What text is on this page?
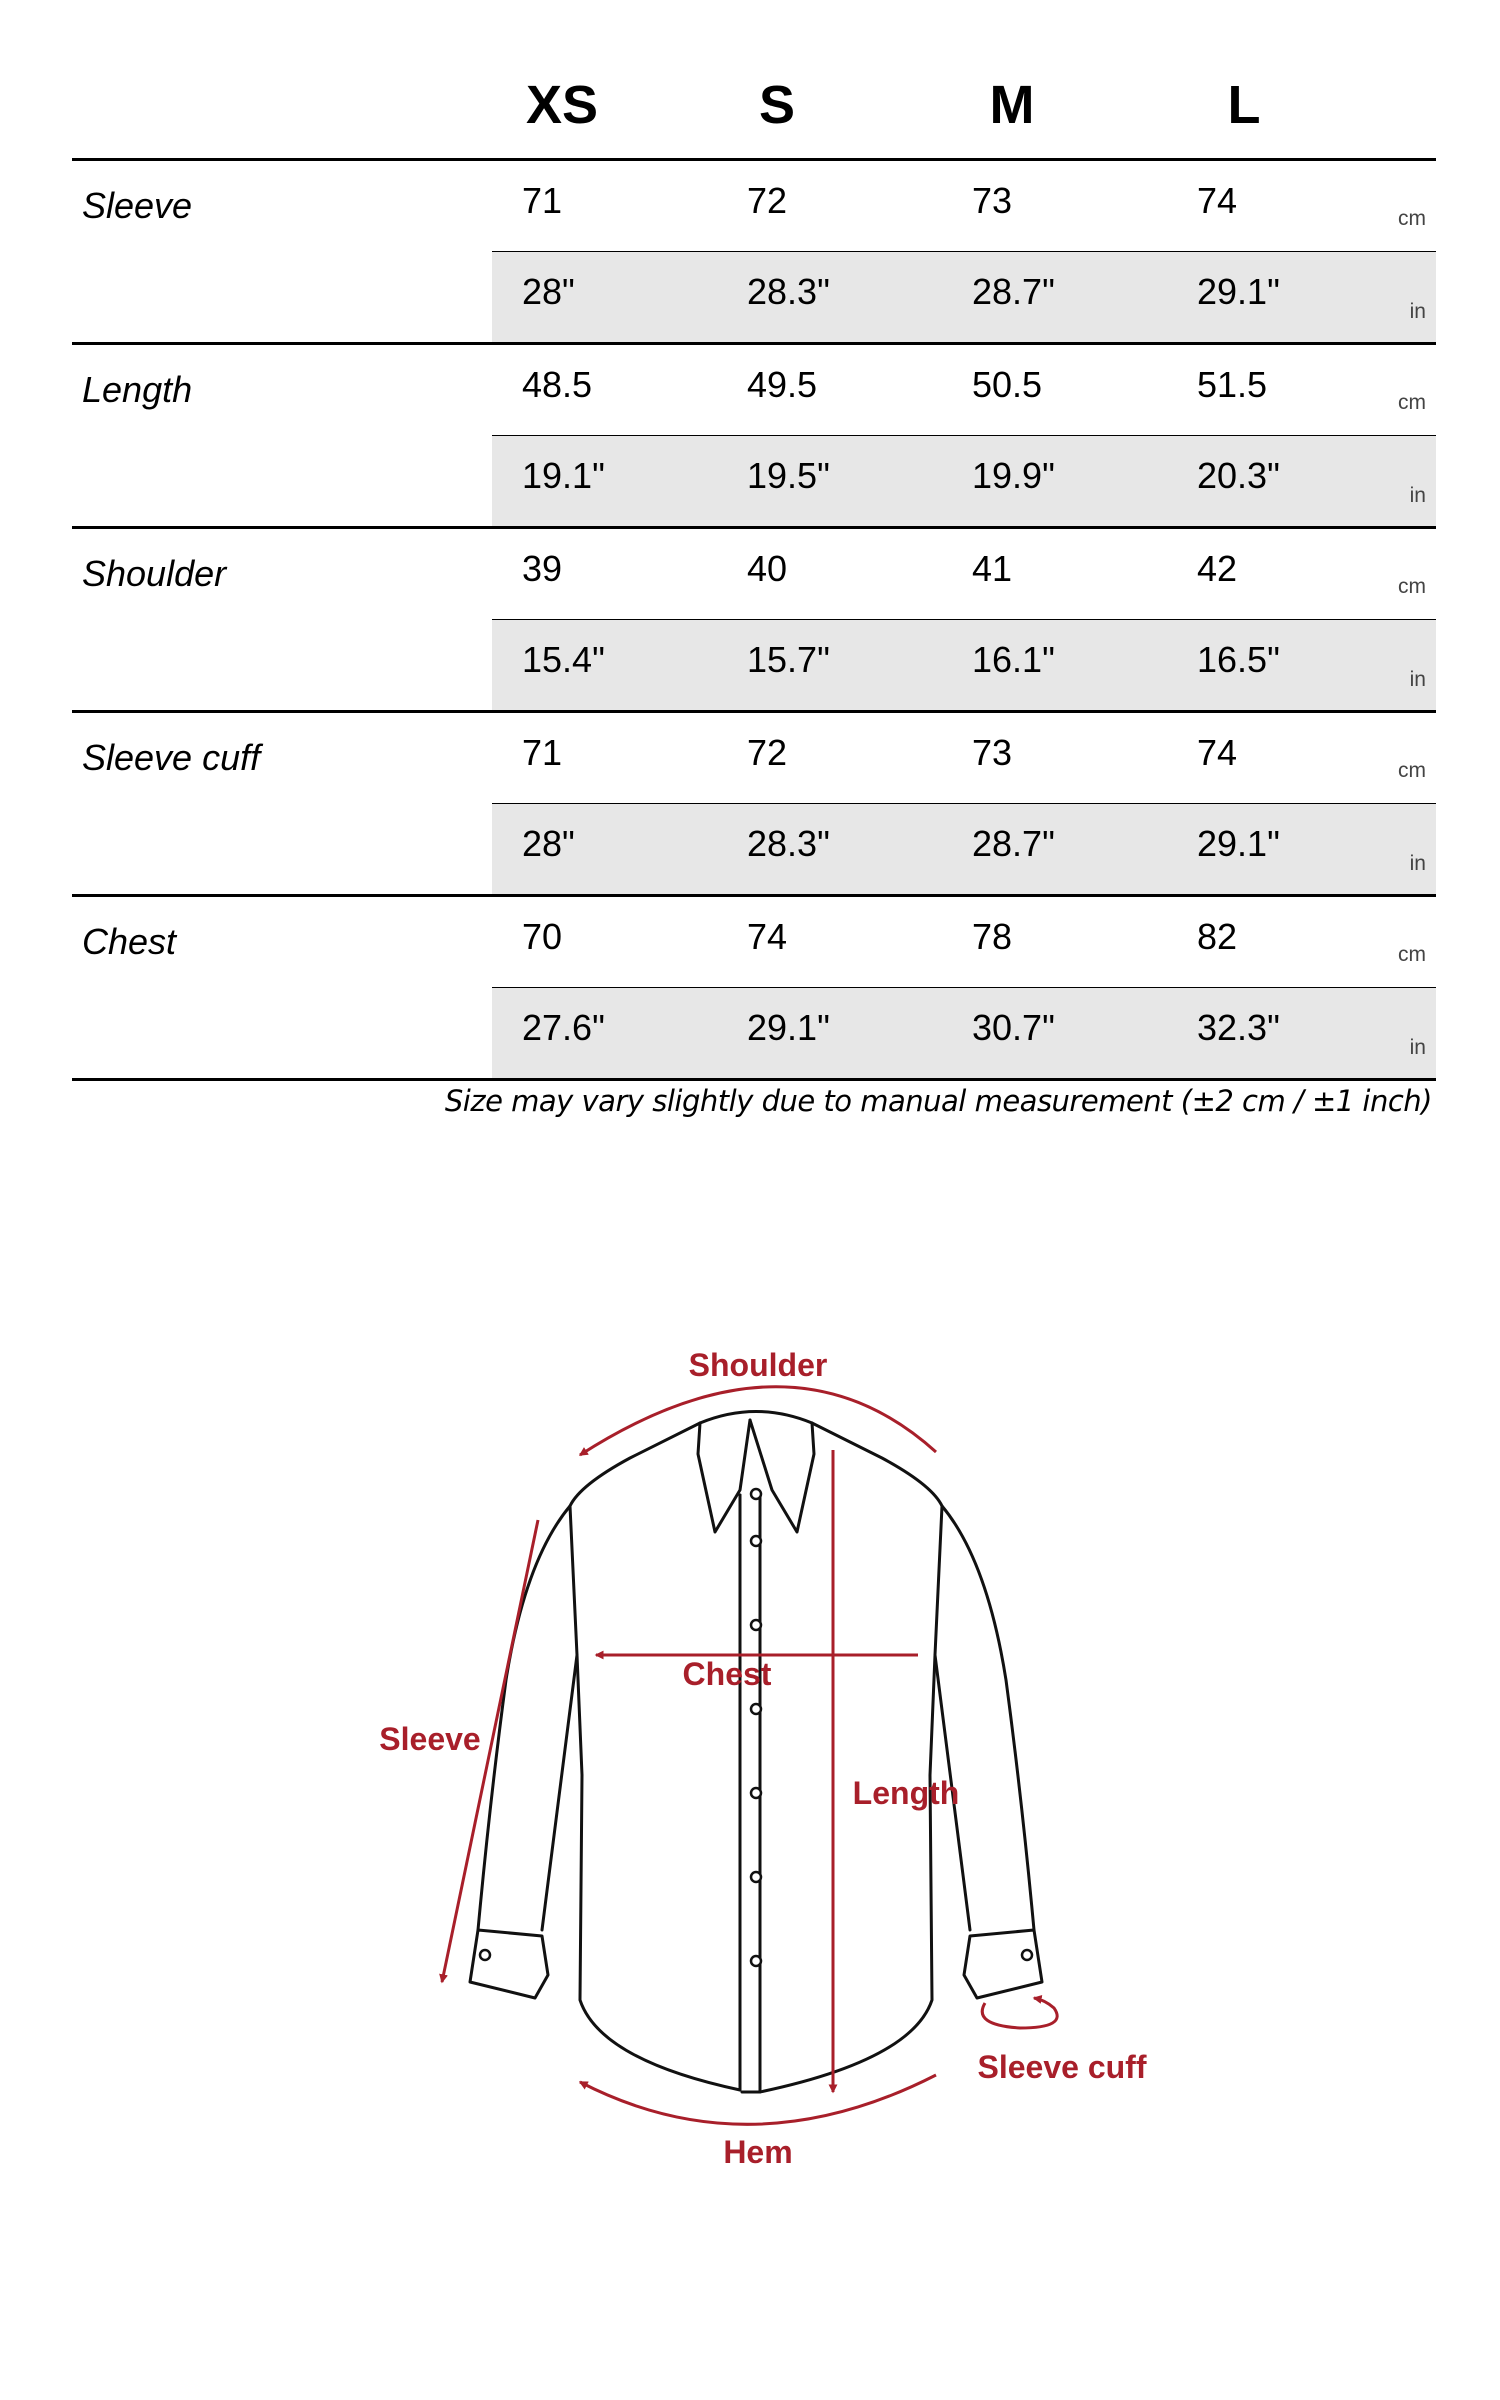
XS	S	M	L
Sleeve	71	72	73	74	cm
28"	28.3"	28.7"	29.1"	in
Length	48.5	49.5	50.5	51.5	cm
19.1"	19.5"	19.9"	20.3"	in
Shoulder	39	40	41	42	cm
15.4"	15.7"	16.1"	16.5"	in
Sleeve cuff	71	72	73	74	cm
28"	28.3"	28.7"	29.1"	in
Chest	70	74	78	82	cm
27.6"	29.1"	30.7"	32.3"	in
Size may vary slightly due to manual measurement (±2 cm / ±1 inch)
Shoulder
Chest
Sleeve
Length
Sleeve cuff
Hem
